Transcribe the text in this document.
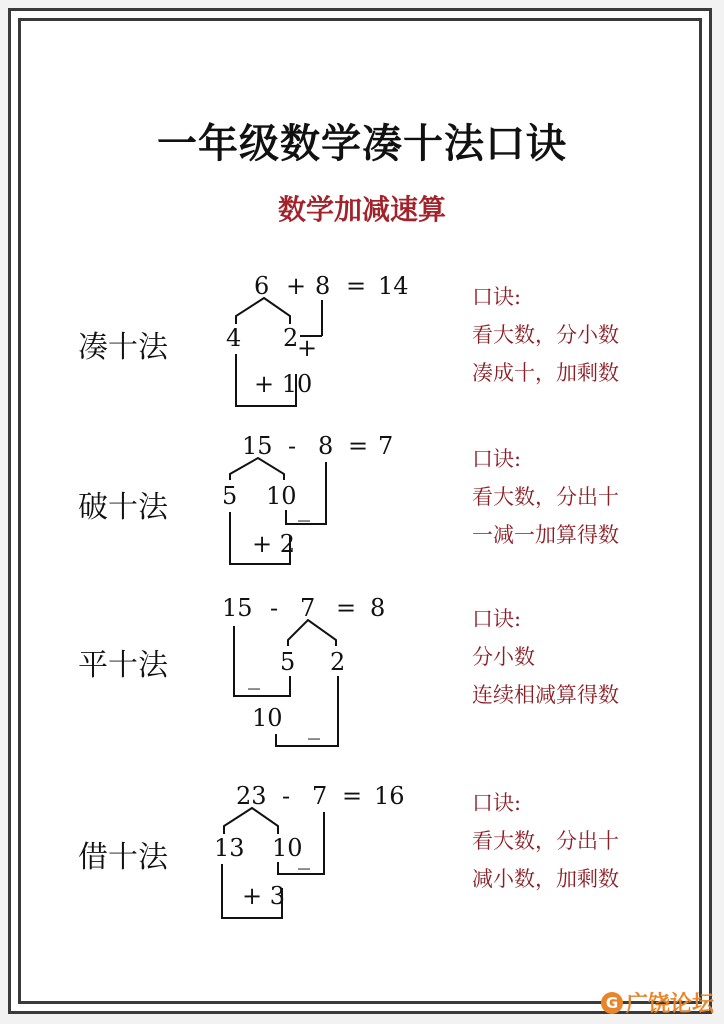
一年级数学凑十法口诀
数学加减速算
凑十法
6 + 8 = 14
4 2
+
+ 10
口诀:
看大数，分小数
凑成十，加剩数
破十法
15 - 8 = 7
5 10 _
+ 2
口诀:
看大数，分出十
一减一加算得数
平十法
15 - 7 = 8
5 2
_
10 _
口诀:
分小数
连续相减算得数
借十法
23 - 7 = 16
13 10
_
+ 3
口诀:
看大数，分出十
减小数，加剩数
G 广饶论坛
